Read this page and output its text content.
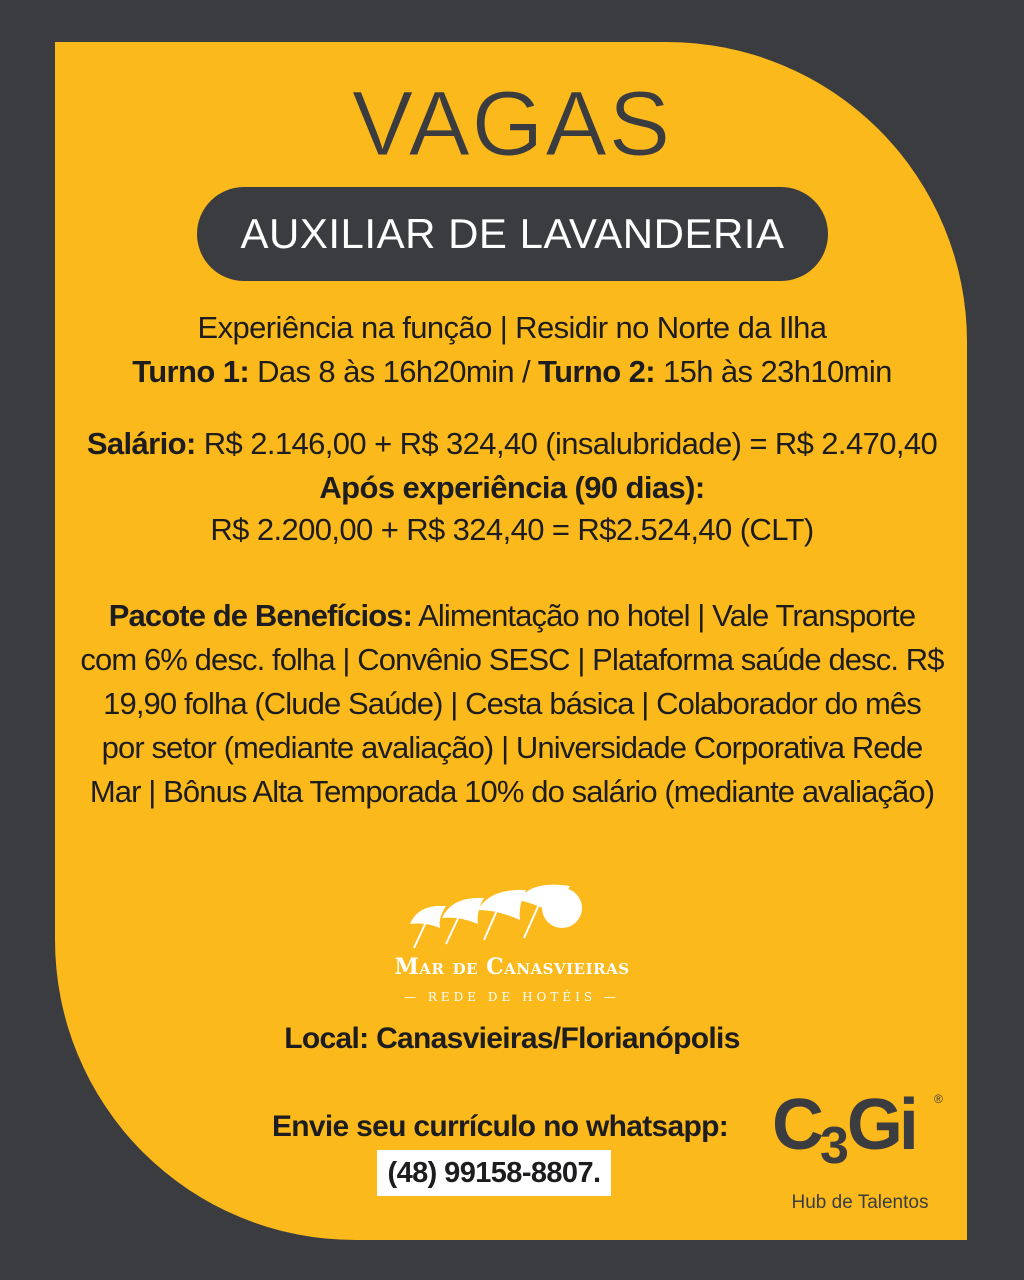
VAGAS
AUXILIAR DE LAVANDERIA
Experiência na função | Residir no Norte da Ilha
Turno 1: Das 8 às 16h20min / Turno 2: 15h às 23h10min
Salário: R$ 2.146,00 + R$ 324,40 (insalubridade) = R$ 2.470,40
Após experiência (90 dias):
R$ 2.200,00 + R$ 324,40 = R$2.524,40 (CLT)
Pacote de Benefícios: Alimentação no hotel | Vale Transporte com 6% desc. folha | Convênio SESC | Plataforma saúde desc. R$ 19,90 folha (Clude Saúde) | Cesta básica | Colaborador do mês por setor (mediante avaliação) | Universidade Corporativa Rede Mar | Bônus Alta Temporada 10% do salário (mediante avaliação)
Mar de Canasvieiras
— REDE DE HOTÉIS —
Local: Canasvieiras/Florianópolis
Envie seu currículo no whatsapp:
(48) 99158-8807.
C3Gi	®
Hub de Talentos
